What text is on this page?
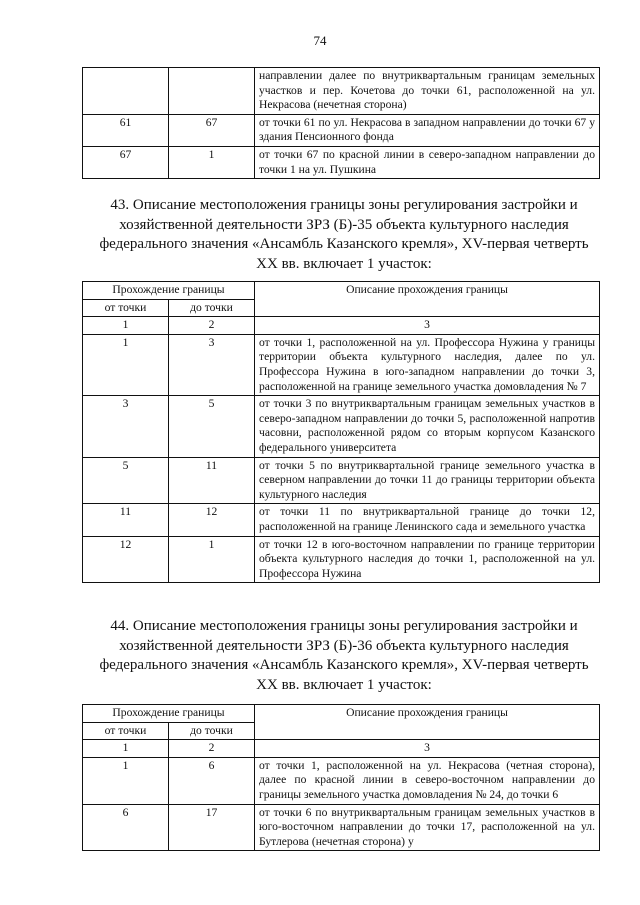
74
		направлении далее по внутриквартальным границам земельных участков и пер. Кочетова до точки 61, расположенной на ул. Некрасова (нечетная сторона)
61	67	от точки 61 по ул. Некрасова в западном направлении до точки 67 у здания Пенсионного фонда
67	1	от точки 67 по красной линии в северо-западном направлении до точки 1 на ул. Пушкина
43. Описание местоположения границы зоны регулирования застройки и хозяйственной деятельности ЗРЗ (Б)-35 объекта культурного наследия федерального значения «Ансамбль Казанского кремля», XV-первая четверть XX вв. включает 1 участок:
Прохождение границы		Описание прохождения границы
от точки	до точки	
1	2	3
1	3	от точки 1, расположенной на ул. Профессора Нужина у границы территории объекта культурного наследия, далее по ул. Профессора Нужина в юго-западном направлении до точки 3, расположенной на границе земельного участка домовладения № 7
3	5	от точки 3 по внутриквартальным границам земельных участков в северо-западном направлении до точки 5, расположенной напротив часовни, расположенной рядом со вторым корпусом Казанского федерального университета
5	11	от точки 5 по внутриквартальной границе земельного участка в северном направлении до точки 11 до границы территории объекта культурного наследия
11	12	от точки 11 по внутриквартальной границе до точки 12, расположенной на границе Ленинского сада и земельного участка
12	1	от точки 12 в юго-восточном направлении по границе территории объекта культурного наследия до точки 1, расположенной на ул. Профессора Нужина
44. Описание местоположения границы зоны регулирования застройки и хозяйственной деятельности ЗРЗ (Б)-36 объекта культурного наследия федерального значения «Ансамбль Казанского кремля», XV-первая четверть XX вв. включает 1 участок:
Прохождение границы		Описание прохождения границы
от точки	до точки	
1	2	3
1	6	от точки 1, расположенной на ул. Некрасова (четная сторона), далее по красной линии в северо-восточном направлении до границы земельного участка домовладения № 24, до точки 6
6	17	от точки 6 по внутриквартальным границам земельных участков в юго-восточном направлении до точки 17, расположенной на ул. Бутлерова (нечетная сторона) у
